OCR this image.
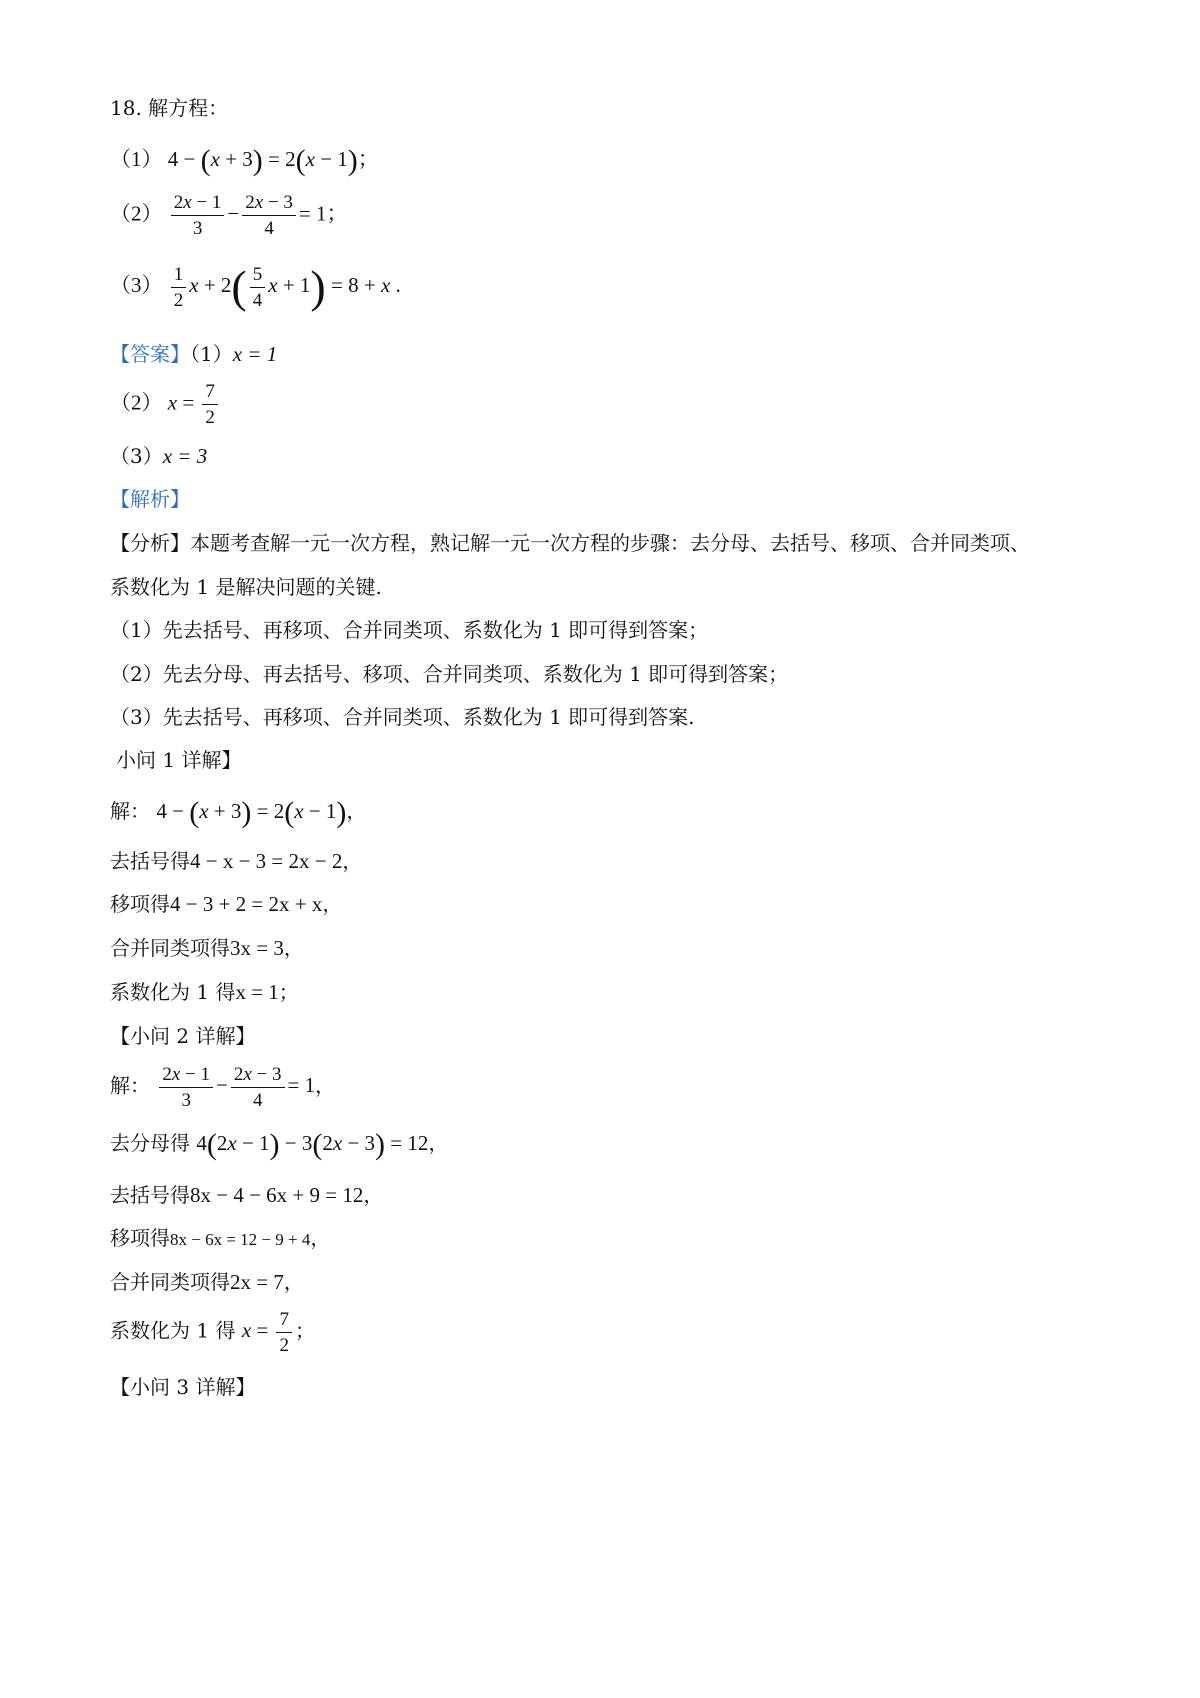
18. 解方程：
（1） 4 − (x + 3) = 2(x − 1)；
$(2) \frac{2x - 1}{3} - \frac{2x - 3}{4} = 1$；
$(3) \frac{1}{2}$ $x + 2( \frac{5}{4}$ x + 1) = 8 + x .
【答案】（1）x = 1
（2） $x = \frac{7}{2}$
（3）x = 3
【解析】
【分析】本题考查解一元一次方程，熟记解一元一次方程的步骤：去分母、去括号、移项、合并同类项、
系数化为 1 是解决问题的关键.
（1）先去括号、再移项、合并同类项、系数化为 1 即可得到答案；
（2）先去分母、再去括号、移项、合并同类项、系数化为 1 即可得到答案；
（3）先去括号、再移项、合并同类项、系数化为 1 即可得到答案.
小问 1 详解】
解： 4 − (x + 3) = 2(x − 1)，
去括号得4 − x − 3 = 2x − 2，
移项得4 − 3 + 2 = 2x + x，
合并同类项得3x = 3，
系数化为 1 得x = 1；
【小问 2 详解】
解： $\frac{2x - 1}{3} - \frac{2x - 3}{4} = 1$，
去分母得 4(2x − 1) − 3(2x − 3) = 12，
去括号得8x − 4 − 6x + 9 = 12，
移项得8x − 6x = 12 − 9 + 4，
合并同类项得2x = 7，
系数化为 1 得 $x = \frac{7}{2}$ ；
【小问 3 详解】
